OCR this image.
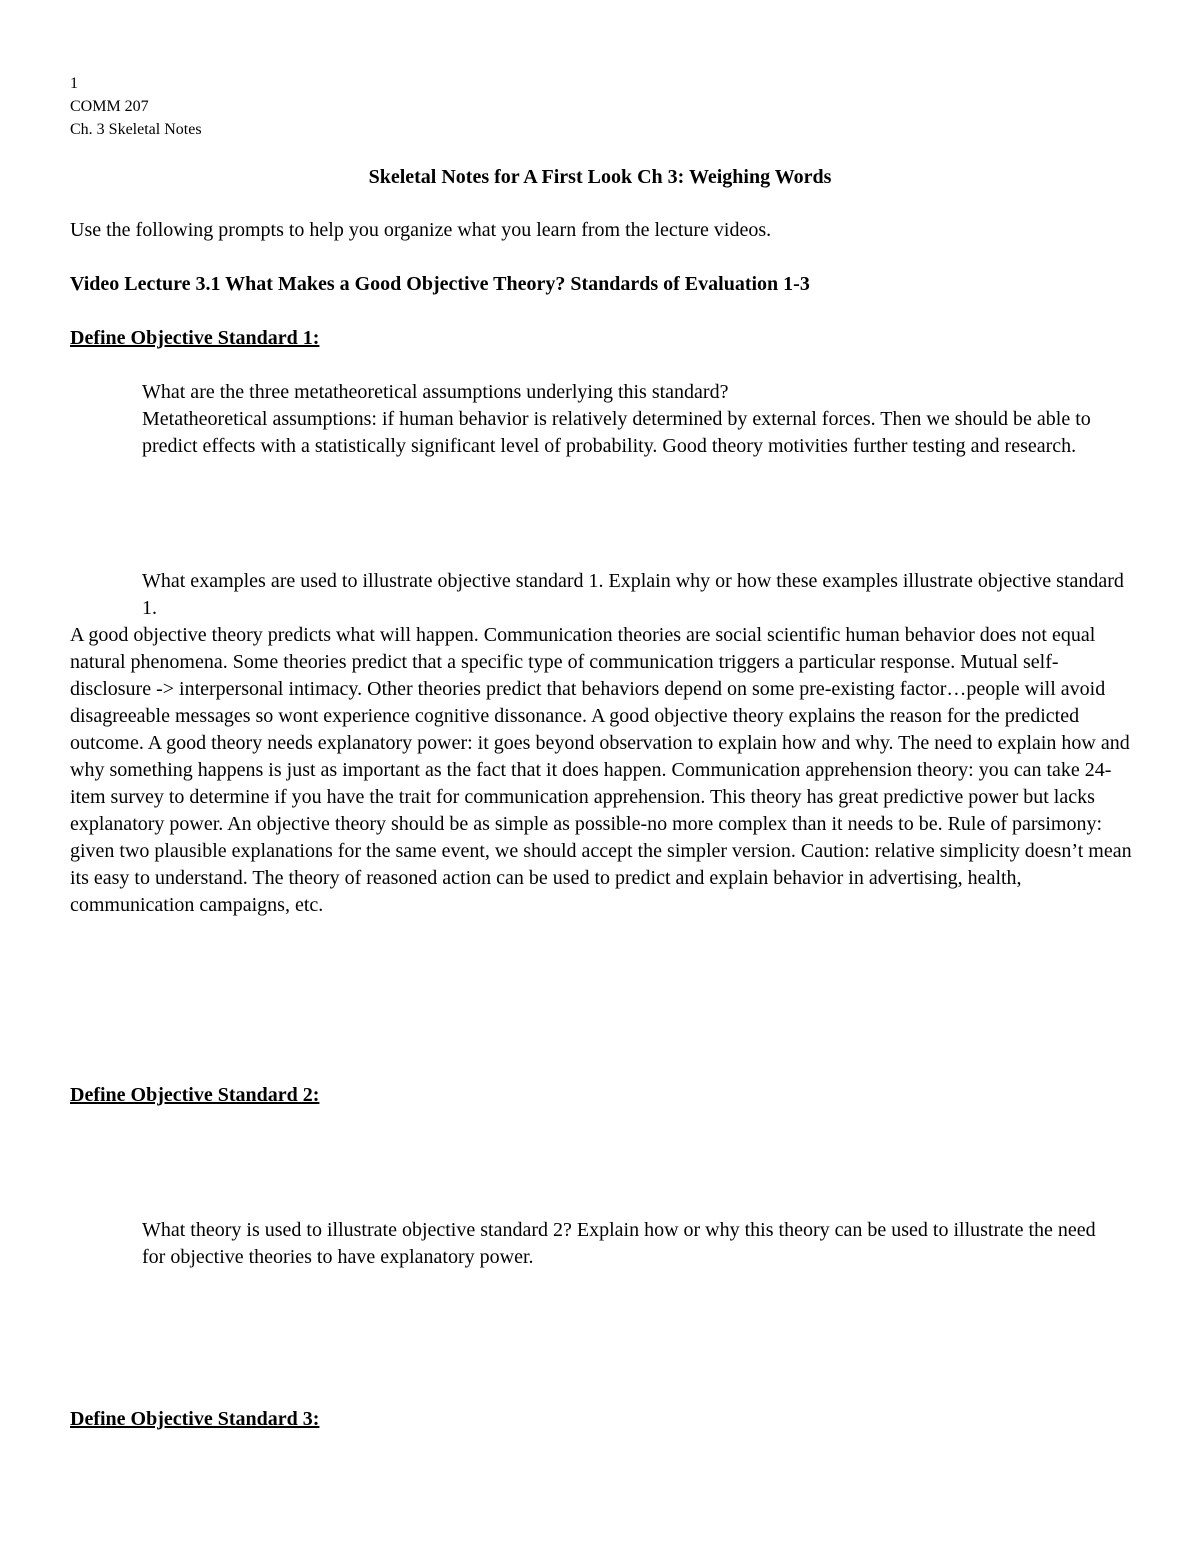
1
COMM 207
Ch. 3 Skeletal Notes
Skeletal Notes for A First Look Ch 3: Weighing Words

Use the following prompts to help you organize what you learn from the lecture videos.

Video Lecture 3.1 What Makes a Good Objective Theory? Standards of Evaluation 1-3

Define Objective Standard 1:

What are the three metatheoretical assumptions underlying this standard?

Metatheoretical assumptions: if human behavior is relatively determined by external forces. Then we should be able to predict effects with a statistically significant level of probability. Good theory motivities further testing and research.

What examples are used to illustrate objective standard 1. Explain why or how these examples illustrate objective standard 1.

A good objective theory predicts what will happen. Communication theories are social scientific human behavior does not equal natural phenomena. Some theories predict that a specific type of communication triggers a particular response. Mutual self-disclosure -> interpersonal intimacy. Other theories predict that behaviors depend on some pre-existing factor…people will avoid disagreeable messages so wont experience cognitive dissonance. A good objective theory explains the reason for the predicted outcome. A good theory needs explanatory power: it goes beyond observation to explain how and why. The need to explain how and why something happens is just as important as the fact that it does happen. Communication apprehension theory: you can take 24-item survey to determine if you have the trait for communication apprehension. This theory has great predictive power but lacks explanatory power. An objective theory should be as simple as possible-no more complex than it needs to be. Rule of parsimony: given two plausible explanations for the same event, we should accept the simpler version. Caution: relative simplicity doesn’t mean its easy to understand. The theory of reasoned action can be used to predict and explain behavior in advertising, health, communication campaigns, etc.

Define Objective Standard 2:

What theory is used to illustrate objective standard 2? Explain how or why this theory can be used to illustrate the need for objective theories to have explanatory power.

Define Objective Standard 3:
